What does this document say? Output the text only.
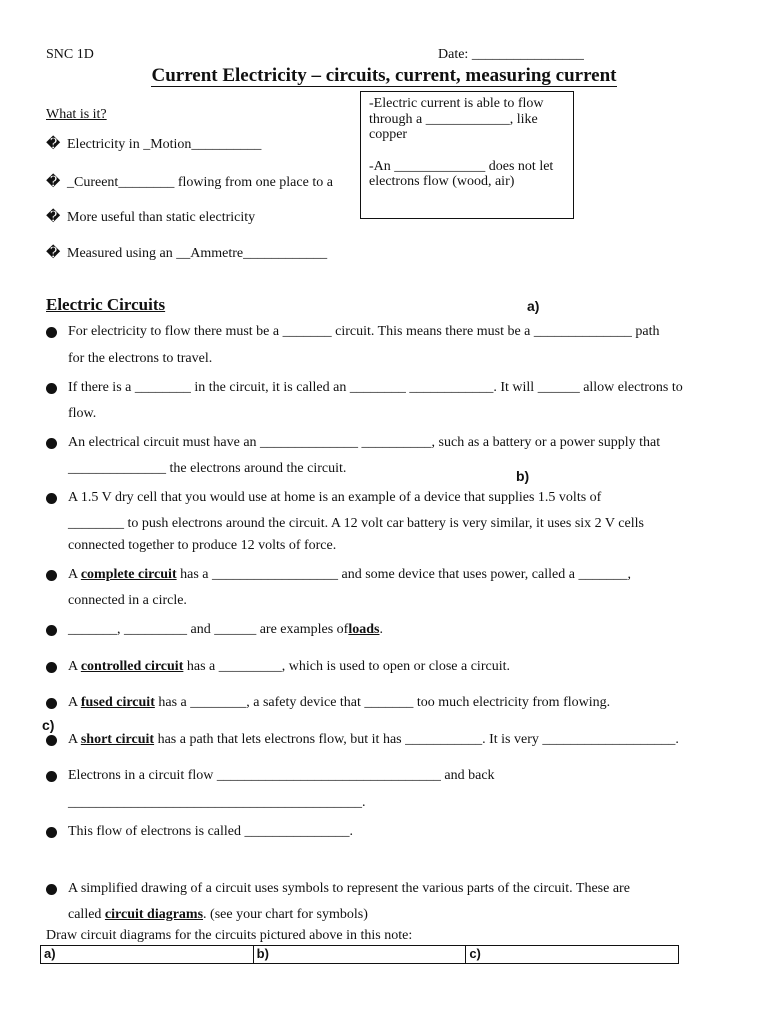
SNC 1D	Date: ________________
Current Electricity – circuits, current, measuring current
What is it?
� Electricity in _Motion__________
� _Cureent________ flowing from one place to a
� More useful than static electricity
� Measured using an __Ammetre____________

-Electric current is able to flow through a ____________, like copper

-An _____________ does not let electrons flow (wood, air)

Electric Circuits	a)
For electricity to flow there must be a _______ circuit. This means there must be a ______________ path
for the electrons to travel.
If there is a ________ in the circuit, it is called an ________ ____________. It will ______ allow electrons to
flow.
An electrical circuit must have an ______________ __________, such as a battery or a power supply that
______________ the electrons around the circuit.	b)
A 1.5 V dry cell that you would use at home is an example of a device that supplies 1.5 volts of
________ to push electrons around the circuit. A 12 volt car battery is very similar, it uses six 2 V cells
connected together to produce 12 volts of force.
A complete circuit has a __________________ and some device that uses power, called a _______,
connected in a circle.
_______, _________ and ______ are examples ofloads.
A controlled circuit has a _________, which is used to open or close a circuit.
A fused circuit has a ________, a safety device that _______ too much electricity from flowing.
c)
A short circuit has a path that lets electrons flow, but it has ___________. It is very ___________________.
Electrons in a circuit flow ________________________________ and back
__________________________________________.
This flow of electrons is called _______________.
A simplified drawing of a circuit uses symbols to represent the various parts of the circuit. These are
called circuit diagrams. (see your chart for symbols)
Draw circuit diagrams for the circuits pictured above in this note:
a)	b)	c)
